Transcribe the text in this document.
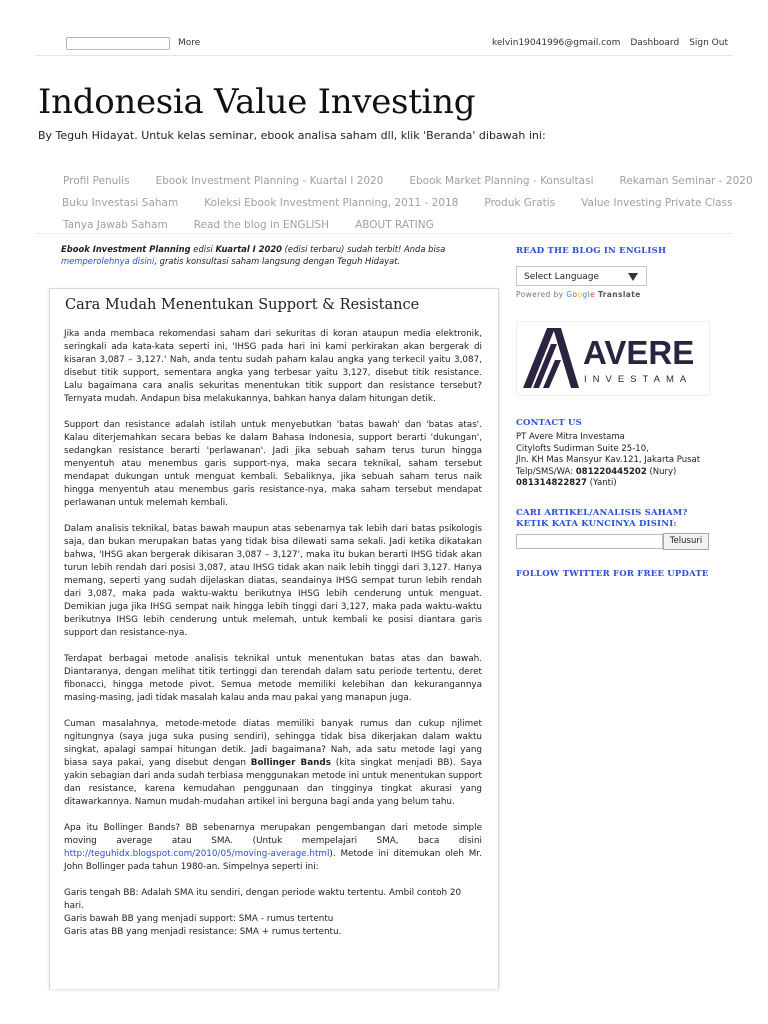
More	kelvin19041996@gmail.com Dashboard Sign Out
Indonesia Value Investing
By Teguh Hidayat. Untuk kelas seminar, ebook analisa saham dll, klik 'Beranda' dibawah ini:
Profil Penulis Ebook Investment Planning - Kuartal I 2020 Ebook Market Planning - Konsultasi Rekaman Seminar - 2020
Buku Investasi Saham Koleksi Ebook Investment Planning, 2011 - 2018 Produk Gratis Value Investing Private Class
Tanya Jawab Saham Read the blog in ENGLISH ABOUT RATING
Ebook Investment Planning edisi Kuartal I 2020 (edisi terbaru) sudah terbit! Anda bisa memperolehnya disini, gratis konsultasi saham langsung dengan Teguh Hidayat.
Cara Mudah Menentukan Support & Resistance

Jika anda membaca rekomendasi saham dari sekuritas di koran ataupun media elektronik, seringkali ada kata-kata seperti ini, 'IHSG pada hari ini kami perkirakan akan bergerak di kisaran 3,087 – 3,127.' Nah, anda tentu sudah paham kalau angka yang terkecil yaitu 3,087, disebut titik support, sementara angka yang terbesar yaitu 3,127, disebut titik resistance. Lalu bagaimana cara analis sekuritas menentukan titik support dan resistance tersebut? Ternyata mudah. Andapun bisa melakukannya, bahkan hanya dalam hitungan detik.

Support dan resistance adalah istilah untuk menyebutkan 'batas bawah' dan 'batas atas'. Kalau diterjemahkan secara bebas ke dalam Bahasa Indonesia, support berarti 'dukungan', sedangkan resistance berarti 'perlawanan'. Jadi jika sebuah saham terus turun hingga menyentuh atau menembus garis support-nya, maka secara teknikal, saham tersebut mendapat dukungan untuk menguat kembali. Sebaliknya, jika sebuah saham terus naik hingga menyentuh atau menembus garis resistance-nya, maka saham tersebut mendapat perlawanan untuk melemah kembali.

Dalam analisis teknikal, batas bawah maupun atas sebenarnya tak lebih dari batas psikologis saja, dan bukan merupakan batas yang tidak bisa dilewati sama sekali. Jadi ketika dikatakan bahwa, 'IHSG akan bergerak dikisaran 3,087 – 3,127', maka itu bukan berarti IHSG tidak akan turun lebih rendah dari posisi 3,087, atau IHSG tidak akan naik lebih tinggi dari 3,127. Hanya memang, seperti yang sudah dijelaskan diatas, seandainya IHSG sempat turun lebih rendah dari 3,087, maka pada waktu-waktu berikutnya IHSG lebih cenderung untuk menguat. Demikian juga jika IHSG sempat naik hingga lebih tinggi dari 3,127, maka pada waktu-waktu berikutnya IHSG lebih cenderung untuk melemah, untuk kembali ke posisi diantara garis support dan resistance-nya.

Terdapat berbagai metode analisis teknikal untuk menentukan batas atas dan bawah. Diantaranya, dengan melihat titik tertinggi dan terendah dalam satu periode tertentu, deret fibonacci, hingga metode pivot. Semua metode memiliki kelebihan dan kekurangannya masing-masing, jadi tidak masalah kalau anda mau pakai yang manapun juga.

Cuman masalahnya, metode-metode diatas memiliki banyak rumus dan cukup njlimet ngitungnya (saya juga suka pusing sendiri), sehingga tidak bisa dikerjakan dalam waktu singkat, apalagi sampai hitungan detik. Jadi bagaimana? Nah, ada satu metode lagi yang biasa saya pakai, yang disebut dengan Bollinger Bands (kita singkat menjadi BB). Saya yakin sebagian dari anda sudah terbiasa menggunakan metode ini untuk menentukan support dan resistance, karena kemudahan penggunaan dan tingginya tingkat akurasi yang ditawarkannya. Namun mudah-mudahan artikel ini berguna bagi anda yang belum tahu.

Apa itu Bollinger Bands? BB sebenarnya merupakan pengembangan dari metode simple moving average atau SMA. (Untuk mempelajari SMA, baca disini http://teguhidx.blogspot.com/2010/05/moving-average.html). Metode ini ditemukan oleh Mr. John Bollinger pada tahun 1980-an. Simpelnya seperti ini:

Garis tengah BB: Adalah SMA itu sendiri, dengan periode waktu tertentu. Ambil contoh 20 hari.
Garis bawah BB yang menjadi support: SMA - rumus tertentu
Garis atas BB yang menjadi resistance: SMA + rumus tertentu.
READ THE BLOG IN ENGLISH
Select Language
Powered by Google Translate
AVERE
INVESTAMA
CONTACT US
PT Avere Mitra Investama
Citylofts Sudirman Suite 25-10,
Jln. KH Mas Mansyur Kav.121, Jakarta Pusat
Telp/SMS/WA: 081220445202 (Nury)
081314822827 (Yanti)
CARI ARTIKEL/ANALISIS SAHAM? KETIK KATA KUNCINYA DISINI:
Telusuri
FOLLOW TWITTER FOR FREE UPDATE
